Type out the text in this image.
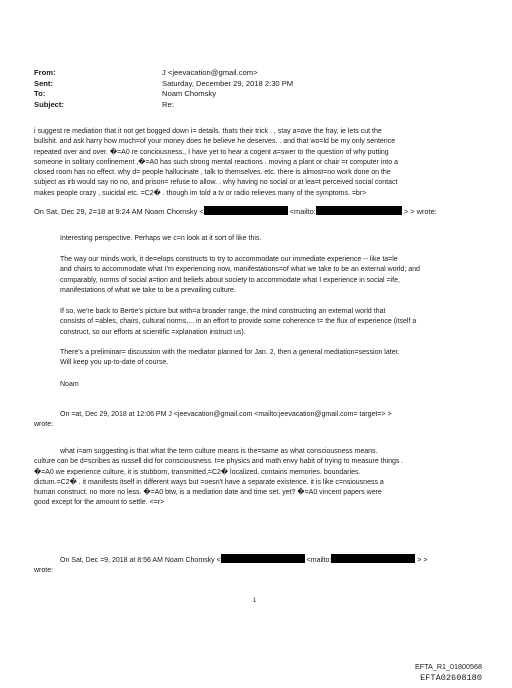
From:	J <jeevacation@gmail.com>
Sent:	Saturday, December 29, 2018 2:30 PM
To:	Noam Chomsky
Subject:	Re:
i suggest re mediation that it not get bogged down i= details. thats their trick . , stay a=ove the fray, ie lets cut the
bullshit. and ask harry how much=of your money does he believe he deserves. . and that wo=ld be my only sentence
repeated over and over. �=A0 re conciousness., I have yet to hear a cogent a=swer to the question of why putting
someone in solitary confinement ,�=A0 has such strong mental reactions . moving a plant or chair =r computer into a
closed room has no effect. why d= people hallucinate , talk to themselves. etc. there is almost=no work done on the
subject as irb would say no no, and prison= refuse to allow. . why having no social or at lea=t perceived social contact
makes people crazy , suicidal etc. =C2� . though im told a tv or radio relieves many of the symptoms. =br>
On Sat, Dec 29, 2=18 at 9:24 AM Noam Chomsky <	<mailto:	> > wrote:
Interesting perspective. Perhaps we c=n look at it sort of like this.
The way our minds work, it de=elops constructs to try to accommodate our immediate experience -- like ta=le
and chairs to accommodate what I'm experiencing now, manifestations=of what we take to be an external world; and
comparably, norms of social a=tion and beliefs about society to accommodate what I experience in social =ife,
manifestations of what we take to be a prevailing culture.
If so, we're back to Bertie's picture but with=a broader range, the mind constructing an external world that
consists of =ables, chairs, cultural norms,... in an effort to provide some coherence t= the flux of experience (itself a
construct, so our efforts at scientific =xplanation instruct us).
There's a preliminar= discussion with the mediator planned for Jan. 2, then a general mediation=session later.
Will keep you up-to-date of course.
Noam
On =at, Dec 29, 2018 at 12:06 PM J <jeevacation@gmail.com <mailto:jeevacation@gmail.com= target=> >
wrote:
what i=am suggesting is that what the term culture means is the=same as what consciousness means.
culture can be d=scribes as russell did for consciousness. t=e physics and math envy habit of trying to measure things .
�=A0 we experience culture, it is stubborn, transmitted,=C2� localized. contains memories. boundaries.
dictum.=C2� . it manifests itself in different ways but =oesn't have a separate existence. it is like c=nsiousness a
human construct. no more no less. �=A0 btw, is a mediation date and time set. yet? �=A0 vincent papers were
good except for the amount to settle. <=r>
On Sat, Dec =9, 2018 at 8:56 AM Noam Chomsky <	<mailto:	> >
wrote:
1
EFTA_R1_01800568
EFTA02608180
